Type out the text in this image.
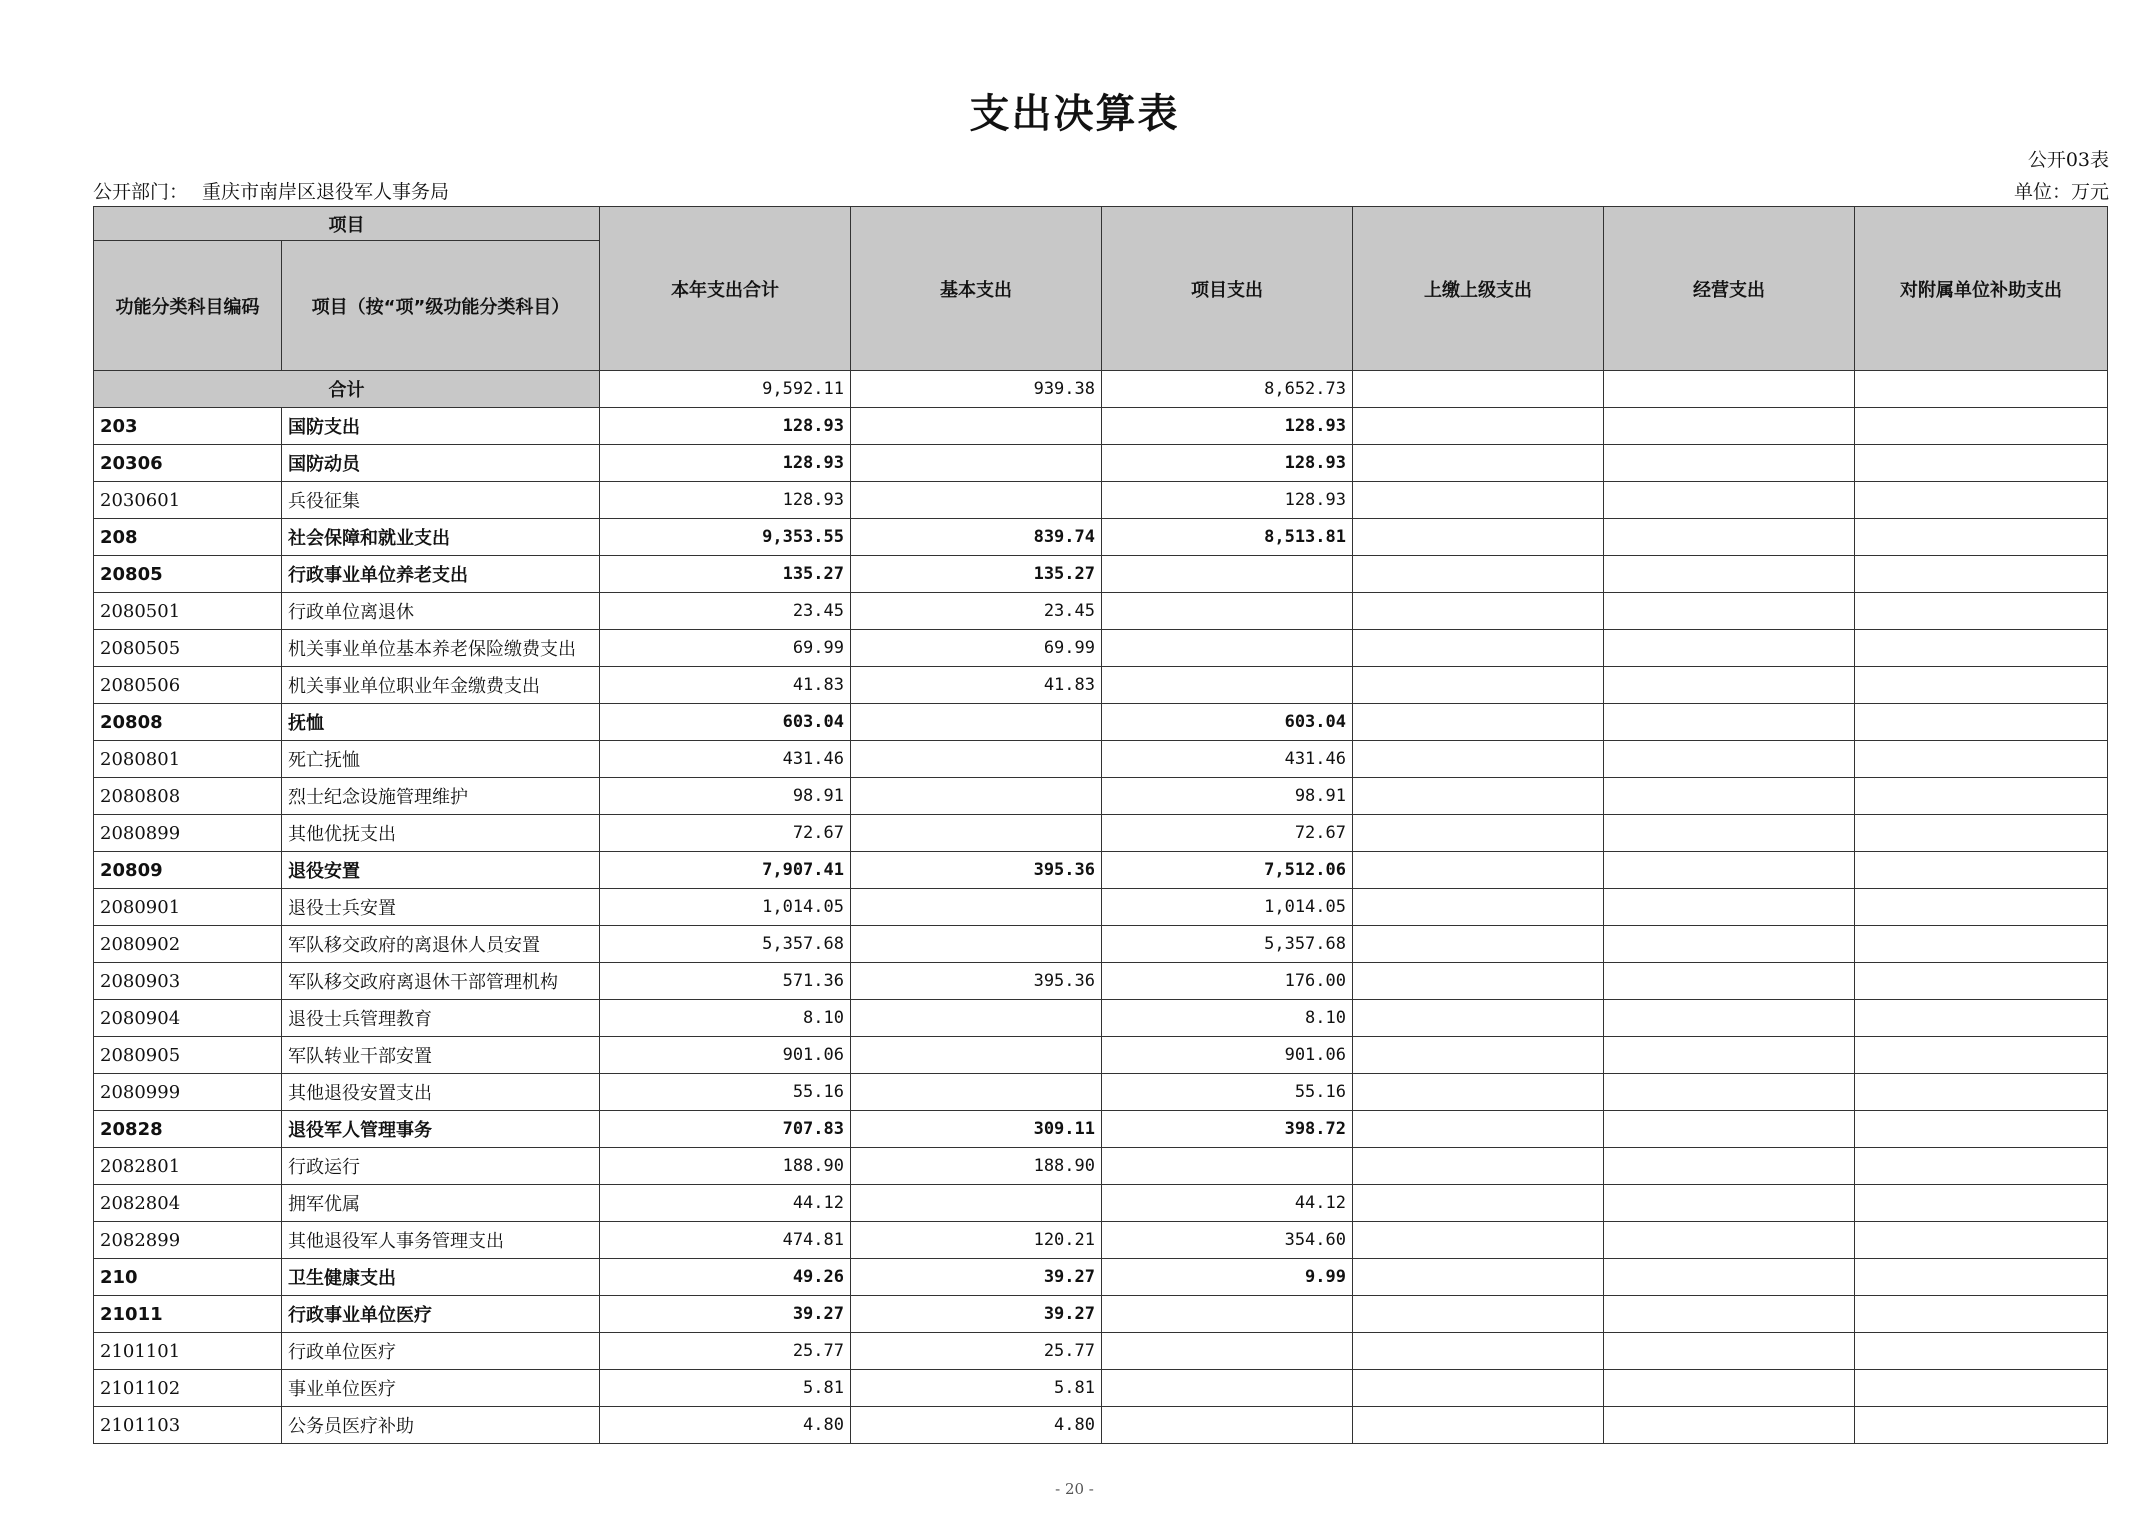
支出决算表
公开03表
公开部门： 重庆市南岸区退役军人事务局	单位：万元
项目		本年支出合计	基本支出	项目支出	上缴上级支出	经营支出	对附属单位补助支出
功能分类科目编码	项目（按“项”级功能分类科目）						
合计		9,592.11	939.38	8,652.73			
203	国防支出	128.93		128.93			
20306	国防动员	128.93		128.93			
2030601	兵役征集	128.93		128.93			
208	社会保障和就业支出	9,353.55	839.74	8,513.81			
20805	行政事业单位养老支出	135.27	135.27				
2080501	行政单位离退休	23.45	23.45				
2080505	机关事业单位基本养老保险缴费支出	69.99	69.99				
2080506	机关事业单位职业年金缴费支出	41.83	41.83				
20808	抚恤	603.04		603.04			
2080801	死亡抚恤	431.46		431.46			
2080808	烈士纪念设施管理维护	98.91		98.91			
2080899	其他优抚支出	72.67		72.67			
20809	退役安置	7,907.41	395.36	7,512.06			
2080901	退役士兵安置	1,014.05		1,014.05			
2080902	军队移交政府的离退休人员安置	5,357.68		5,357.68			
2080903	军队移交政府离退休干部管理机构	571.36	395.36	176.00			
2080904	退役士兵管理教育	8.10		8.10			
2080905	军队转业干部安置	901.06		901.06			
2080999	其他退役安置支出	55.16		55.16			
20828	退役军人管理事务	707.83	309.11	398.72			
2082801	行政运行	188.90	188.90				
2082804	拥军优属	44.12		44.12			
2082899	其他退役军人事务管理支出	474.81	120.21	354.60			
210	卫生健康支出	49.26	39.27	9.99			
21011	行政事业单位医疗	39.27	39.27				
2101101	行政单位医疗	25.77	25.77				
2101102	事业单位医疗	5.81	5.81				
2101103	公务员医疗补助	4.80	4.80				
- 20 -
